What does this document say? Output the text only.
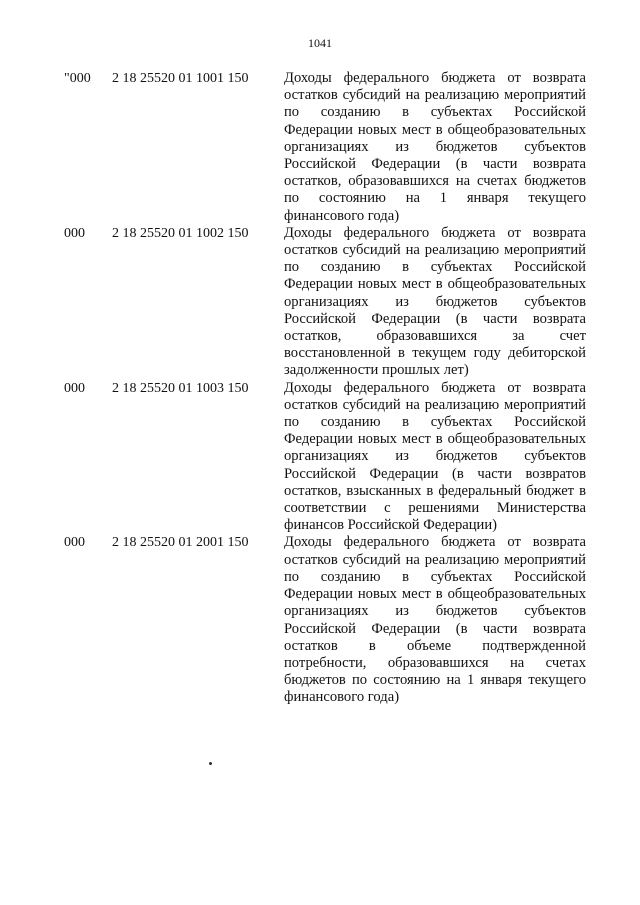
1041
"000	2 18 25520 01 1001 150	Доходы федерального бюджета от возврата остатков субсидий на реализацию мероприятий по созданию в субъектах Российской Федерации новых мест в общеобразовательных организациях из бюджетов субъектов Российской Федерации (в части возврата остатков, образовавшихся на счетах бюджетов по состоянию на 1 января текущего финансового года)
000	2 18 25520 01 1002 150	Доходы федерального бюджета от возврата остатков субсидий на реализацию мероприятий по созданию в субъектах Российской Федерации новых мест в общеобразовательных организациях из бюджетов субъектов Российской Федерации (в части возврата остатков, образовавшихся за счет восстановленной в текущем году дебиторской задолженности прошлых лет)
000	2 18 25520 01 1003 150	Доходы федерального бюджета от возврата остатков субсидий на реализацию мероприятий по созданию в субъектах Российской Федерации новых мест в общеобразовательных организациях из бюджетов субъектов Российской Федерации (в части возвратов остатков, взысканных в федеральный бюджет в соответствии с решениями Министерства финансов Российской Федерации)
000	2 18 25520 01 2001 150	Доходы федерального бюджета от возврата остатков субсидий на реализацию мероприятий по созданию в субъектах Российской Федерации новых мест в общеобразовательных организациях из бюджетов субъектов Российской Федерации (в части возврата остатков в объеме подтвержденной потребности, образовавшихся на счетах бюджетов по состоянию на 1 января текущего финансового года)
